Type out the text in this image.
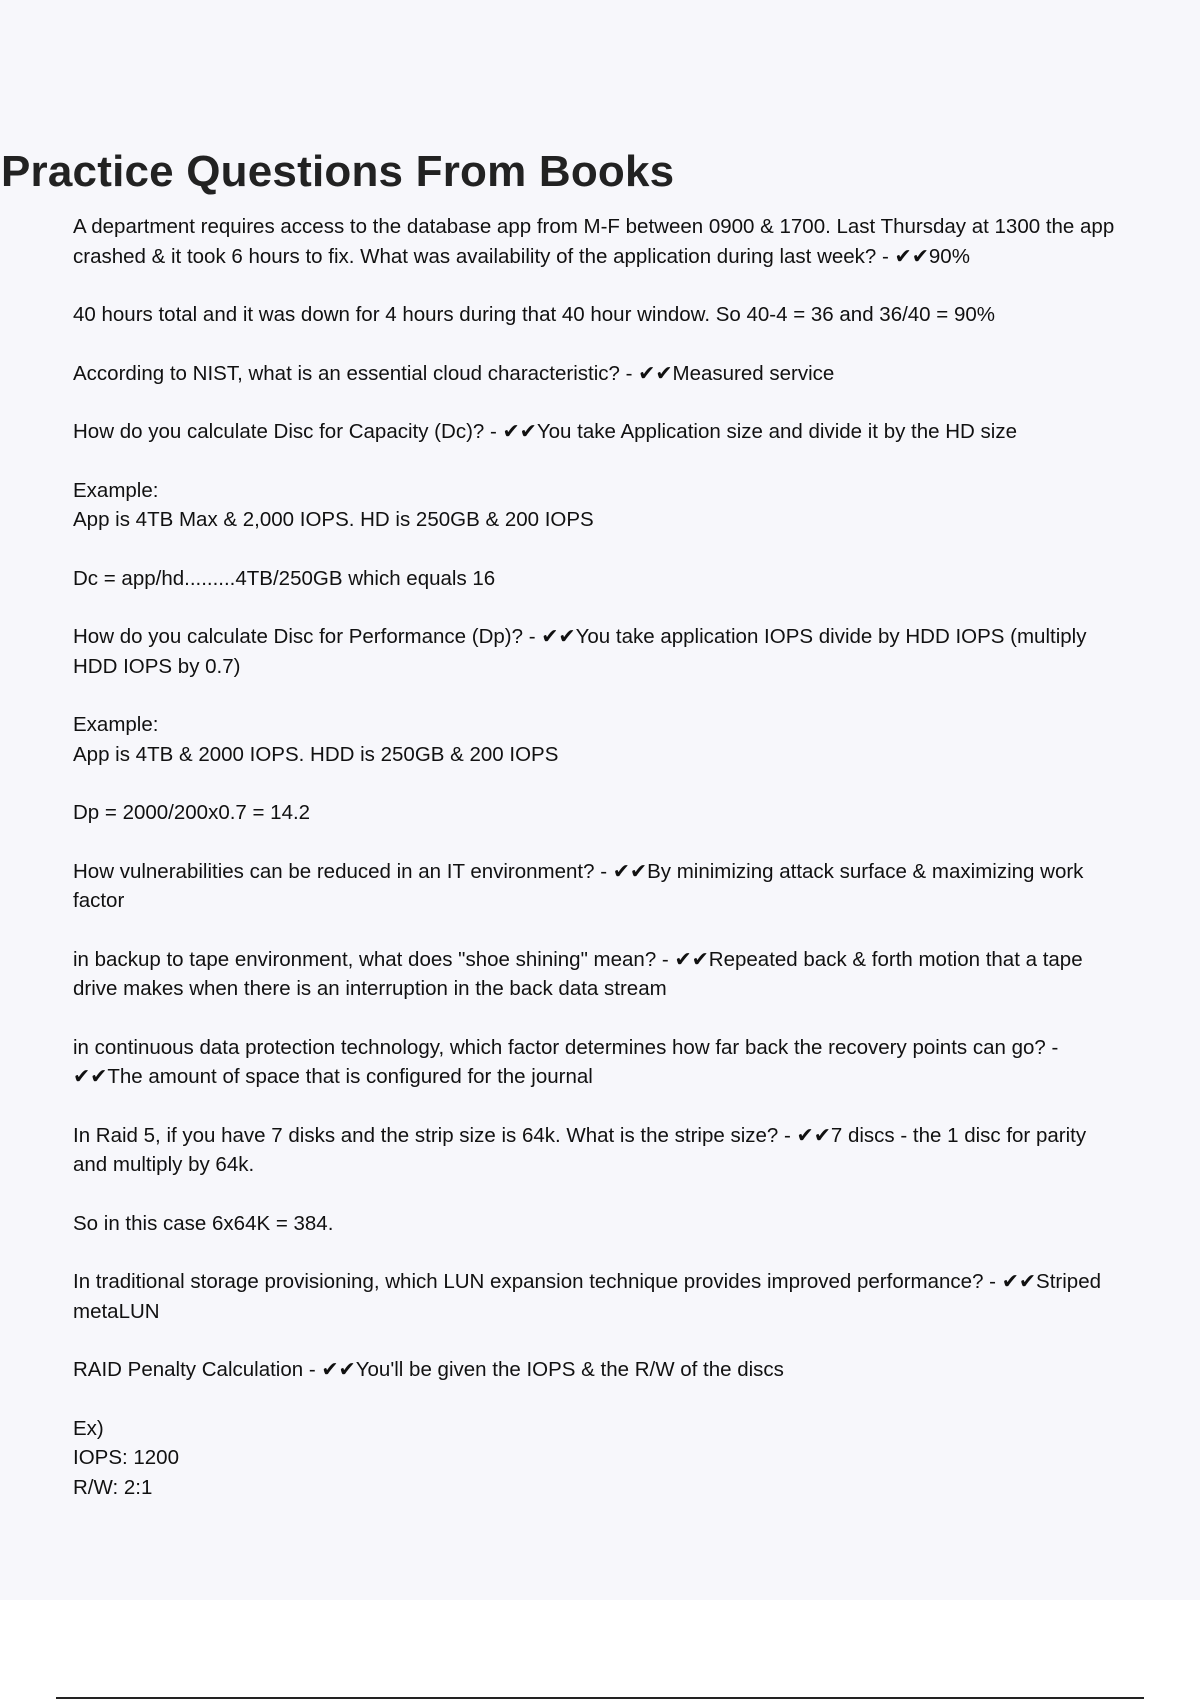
Practice Questions From Books

A department requires access to the database app from M-F between 0900 & 1700. Last Thursday at 1300 the app
crashed & it took 6 hours to fix. What was availability of the application during last week? - ✔✔90%

40 hours total and it was down for 4 hours during that 40 hour window. So 40-4 = 36 and 36/40 = 90%

According to NIST, what is an essential cloud characteristic? - ✔✔Measured service

How do you calculate Disc for Capacity (Dc)? - ✔✔You take Application size and divide it by the HD size

Example:
App is 4TB Max & 2,000 IOPS. HD is 250GB & 200 IOPS

Dc = app/hd.........4TB/250GB which equals 16

How do you calculate Disc for Performance (Dp)? - ✔✔You take application IOPS divide by HDD IOPS (multiply
HDD IOPS by 0.7)

Example:
App is 4TB & 2000 IOPS. HDD is 250GB & 200 IOPS

Dp = 2000/200x0.7 = 14.2

How vulnerabilities can be reduced in an IT environment? - ✔✔By minimizing attack surface & maximizing work
factor

in backup to tape environment, what does "shoe shining" mean? - ✔✔Repeated back & forth motion that a tape
drive makes when there is an interruption in the back data stream

in continuous data protection technology, which factor determines how far back the recovery points can go? -
✔✔The amount of space that is configured for the journal

In Raid 5, if you have 7 disks and the strip size is 64k. What is the stripe size? - ✔✔7 discs - the 1 disc for parity
and multiply by 64k.

So in this case 6x64K = 384.

In traditional storage provisioning, which LUN expansion technique provides improved performance? - ✔✔Striped
metaLUN

RAID Penalty Calculation - ✔✔You'll be given the IOPS & the R/W of the discs

Ex)
IOPS: 1200
R/W: 2:1
